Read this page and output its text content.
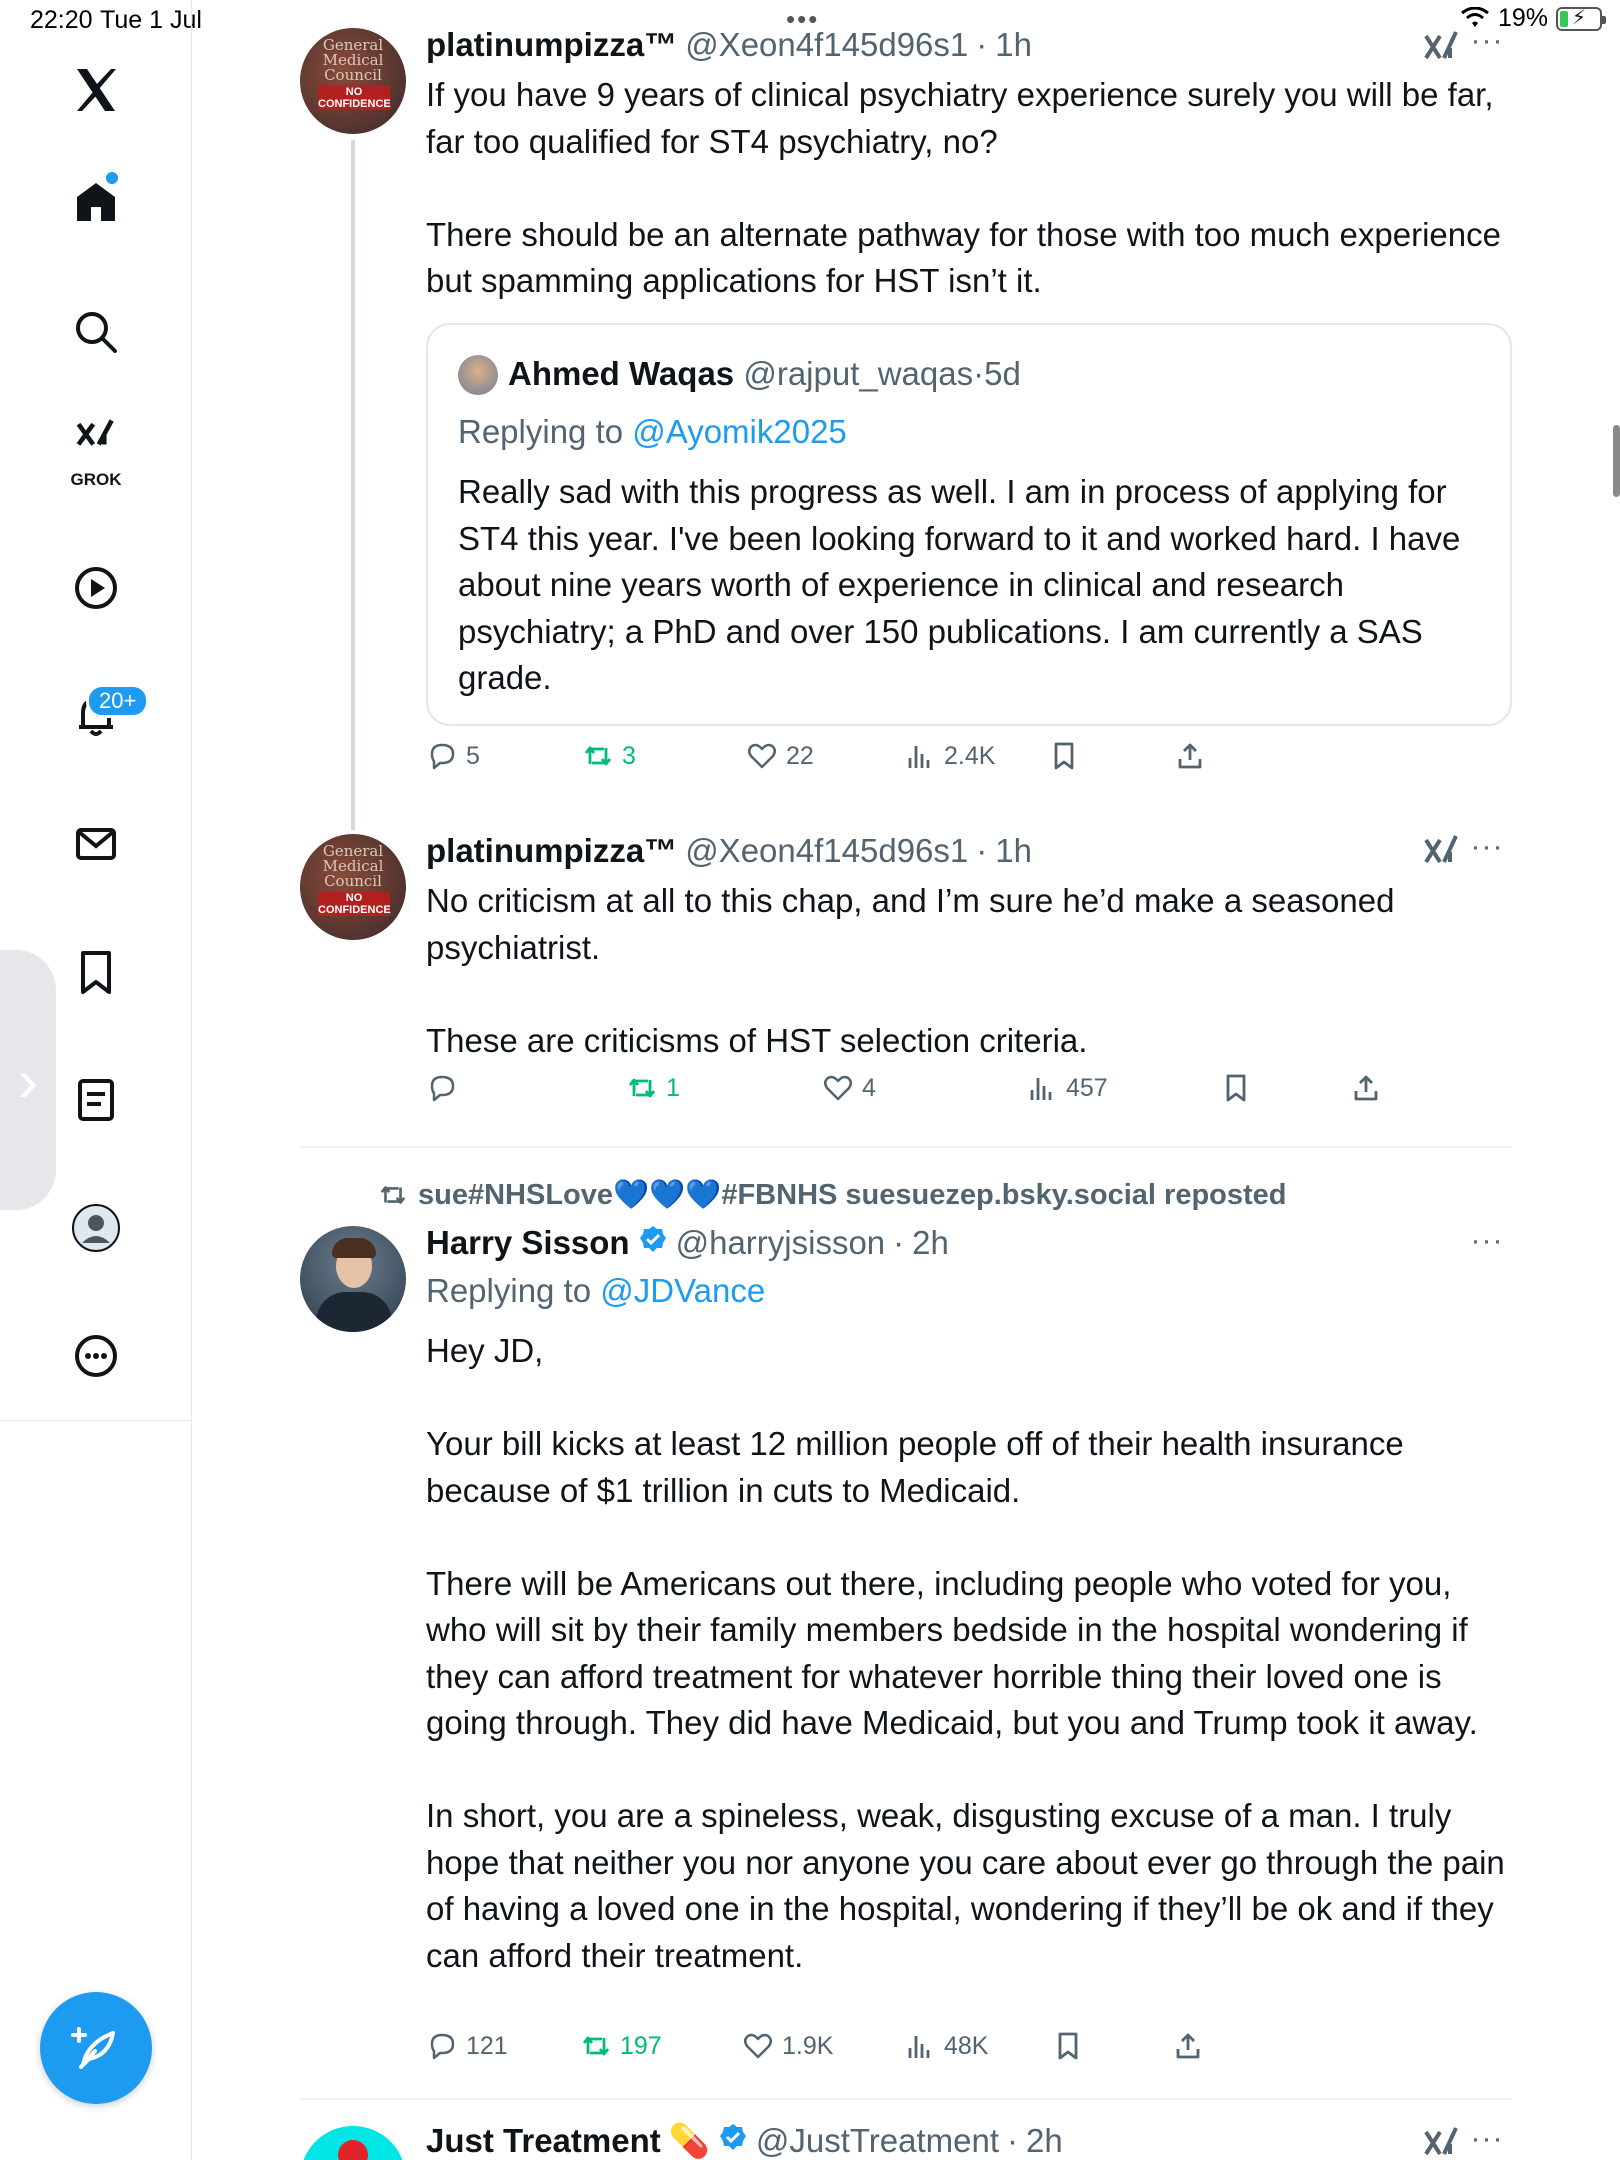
22:20 Tue 1 Jul	•••	19%	⚡
GROK
20+
›
General Medical Council
NO CONFIDENCE
platinumpizza™ @Xeon4f145d96s1 · 1h	···
If you have 9 years of clinical psychiatry experience surely you will be far, far too qualified for ST4 psychiatry, no?

There should be an alternate pathway for those with too much experience but spamming applications for HST isn’t it.
Ahmed Waqas @rajput_waqas·5d
Replying to @Ayomik2025
Really sad with this progress as well. I am in process of applying for ST4 this year. I've been looking forward to it and worked hard. I have about nine years worth of experience in clinical and research psychiatry; a PhD and over 150 publications. I am currently a SAS grade.
5	3	22	2.4K
General Medical Council
NO CONFIDENCE
platinumpizza™ @Xeon4f145d96s1 · 1h	···
No criticism at all to this chap, and I’m sure he’d make a seasoned psychiatrist.

These are criticisms of HST selection criteria.
1	4	457
sue#NHSLove💙💙💙#FBNHS suesuezep.bsky.social reposted
Harry Sisson @harryjsisson · 2h	···
Replying to @JDVance
Hey JD,

Your bill kicks at least 12 million people off of their health insurance because of $1 trillion in cuts to Medicaid.

There will be Americans out there, including people who voted for you, who will sit by their family members bedside in the hospital wondering if they can afford treatment for whatever horrible thing their loved one is going through. They did have Medicaid, but you and Trump took it away.

In short, you are a spineless, weak, disgusting excuse of a man. I truly hope that neither you nor anyone you care about ever go through the pain of having a loved one in the hospital, wondering if they’ll be ok and if they can afford their treatment.
121	197	1.9K	48K
Just Treatment 💊 @JustTreatment · 2h	···
